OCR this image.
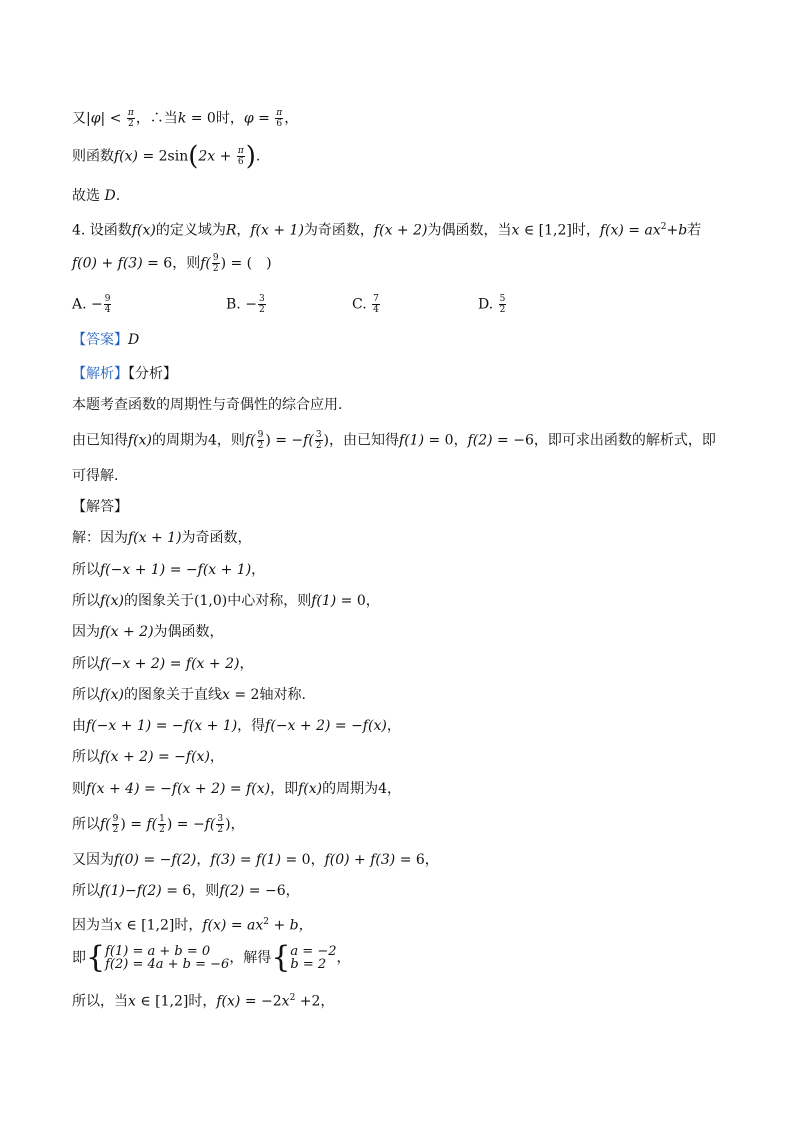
又$|\varphi| < \frac{\pi}{2}$ ，∴当k = 0时，$\varphi = \frac{\pi}{6}$ ，
则函数$f(x) = 2\sin(2x + \frac{\pi}{6}$ ).
故选 D.
4. 设函数f(x)的定义域为R，f(x + 1)为奇函数，f(x + 2)为偶函数，当x ∈ [1,2]时，$f(x) = ax^2+b$若
f(0) + f(3) = 6，则$f( \frac{9}{2}$ ) = (　)
A. − $\frac{9}{4}$	B. − $\frac{3}{2}$	C. $\frac{7}{4}$	D. $\frac{5}{2}$
【答案】D
【解析】【分析】
本题考查函数的周期性与奇偶性的综合应用.
由已知得f(x)的周期为4，则$f( \frac{9}{2}$ ) = $-f( \frac{3}{2}$ )，由已知得f(1) = 0，f(2) = −6，即可求出函数的解析式，即
可得解.
【解答】
解：因为f(x + 1)为奇函数，
所以f(−x + 1) = −f(x + 1)，
所以f(x)的图象关于(1,0)中心对称，则f(1) = 0，
因为f(x + 2)为偶函数，
所以f(−x + 2) = f(x + 2)，
所以f(x)的图象关于直线x = 2轴对称.
由f(−x + 1) = −f(x + 1)，得f(−x + 2) = −f(x)，
所以f(x + 2) = −f(x)，
则f(x + 4) = −f(x + 2) = f(x)，即f(x)的周期为4，
所以$f( \frac{9}{2}$ ) = $f( \frac{1}{2}$ ) = $-f( \frac{3}{2}$ )，
又因为f(0) = −f(2)，f(3) = f(1) = 0，f(0) + f(3) = 6，
所以f(1)−f(2) = 6，则f(2) = −6，
因为当x ∈ [1,2]时，$f(x) = ax^2 + b$，
即{ f(1) = a + b = 0
f(2) = 4a + b = −6 ，解得{ a = −2
b = 2 ，
所以，当x ∈ [1,2]时，$f(x) = -2x^2 +2$，
